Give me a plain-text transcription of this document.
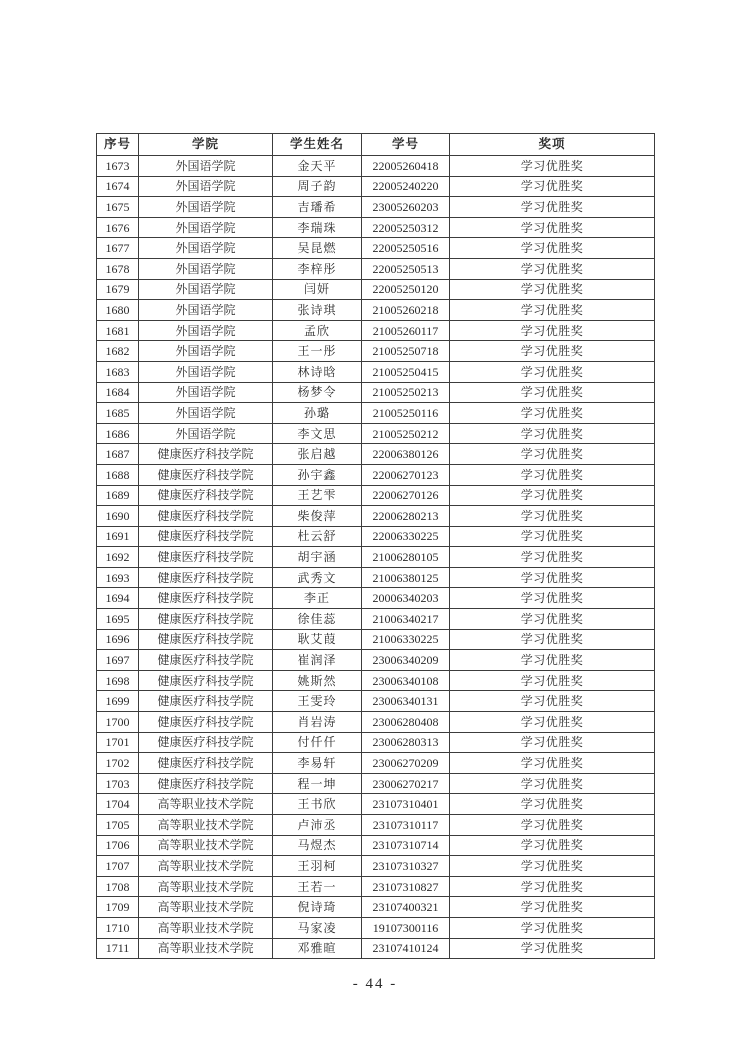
序号	学院	学生姓名	学号	奖项
1673	外国语学院	金天平	22005260418	学习优胜奖
1674	外国语学院	周子韵	22005240220	学习优胜奖
1675	外国语学院	吉璠希	23005260203	学习优胜奖
1676	外国语学院	李瑞珠	22005250312	学习优胜奖
1677	外国语学院	吴昆燃	22005250516	学习优胜奖
1678	外国语学院	李梓彤	22005250513	学习优胜奖
1679	外国语学院	闫妍	22005250120	学习优胜奖
1680	外国语学院	张诗琪	21005260218	学习优胜奖
1681	外国语学院	孟欣	21005260117	学习优胜奖
1682	外国语学院	王一彤	21005250718	学习优胜奖
1683	外国语学院	林诗晗	21005250415	学习优胜奖
1684	外国语学院	杨梦令	21005250213	学习优胜奖
1685	外国语学院	孙璐	21005250116	学习优胜奖
1686	外国语学院	李文思	21005250212	学习优胜奖
1687	健康医疗科技学院	张启越	22006380126	学习优胜奖
1688	健康医疗科技学院	孙宇鑫	22006270123	学习优胜奖
1689	健康医疗科技学院	王艺雫	22006270126	学习优胜奖
1690	健康医疗科技学院	柴俊萍	22006280213	学习优胜奖
1691	健康医疗科技学院	杜云舒	22006330225	学习优胜奖
1692	健康医疗科技学院	胡宇涵	21006280105	学习优胜奖
1693	健康医疗科技学院	武秀文	21006380125	学习优胜奖
1694	健康医疗科技学院	李正	20006340203	学习优胜奖
1695	健康医疗科技学院	徐佳蕊	21006340217	学习优胜奖
1696	健康医疗科技学院	耿艾葭	21006330225	学习优胜奖
1697	健康医疗科技学院	崔润泽	23006340209	学习优胜奖
1698	健康医疗科技学院	姚斯然	23006340108	学习优胜奖
1699	健康医疗科技学院	王雯玲	23006340131	学习优胜奖
1700	健康医疗科技学院	肖岩涛	23006280408	学习优胜奖
1701	健康医疗科技学院	付仟仟	23006280313	学习优胜奖
1702	健康医疗科技学院	李易轩	23006270209	学习优胜奖
1703	健康医疗科技学院	程一坤	23006270217	学习优胜奖
1704	高等职业技术学院	王书欣	23107310401	学习优胜奖
1705	高等职业技术学院	卢沛丞	23107310117	学习优胜奖
1706	高等职业技术学院	马煜杰	23107310714	学习优胜奖
1707	高等职业技术学院	王羽柯	23107310327	学习优胜奖
1708	高等职业技术学院	王若一	23107310827	学习优胜奖
1709	高等职业技术学院	倪诗琦	23107400321	学习优胜奖
1710	高等职业技术学院	马家凌	19107300116	学习优胜奖
1711	高等职业技术学院	邓雅暄	23107410124	学习优胜奖
- 44 -
